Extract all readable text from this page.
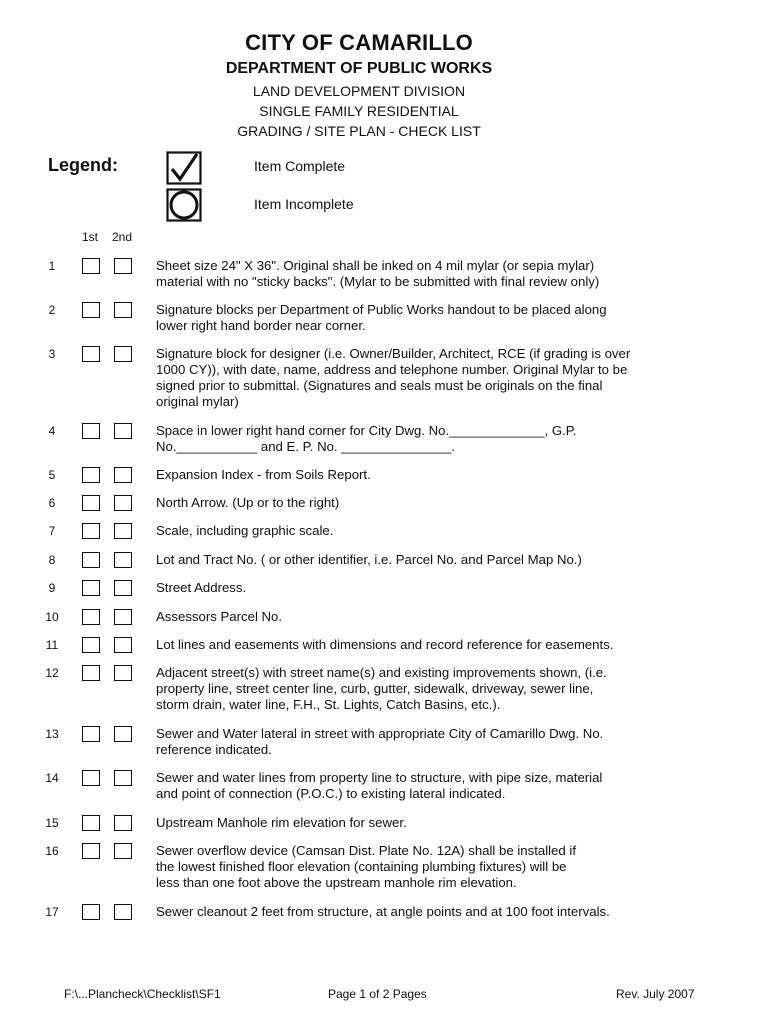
CITY OF CAMARILLO
DEPARTMENT OF PUBLIC WORKS
LAND DEVELOPMENT DIVISION
SINGLE FAMILY RESIDENTIAL
GRADING / SITE PLAN - CHECK LIST
Legend:	Item Complete
Item Incomplete
1st 2nd
1	Sheet size 24" X 36". Original shall be inked on 4 mil mylar (or sepia mylar)
material with no "sticky backs". (Mylar to be submitted with final review only)
2	Signature blocks per Department of Public Works handout to be placed along
lower right hand border near corner.
3	Signature block for designer (i.e. Owner/Builder, Architect, RCE (if grading is over
1000 CY)), with date, name, address and telephone number. Original Mylar to be
signed prior to submittal. (Signatures and seals must be originals on the final
original mylar)
4	Space in lower right hand corner for City Dwg. No._____________, G.P.
No.___________ and E. P. No. _______________.
5	Expansion Index - from Soils Report.
6	North Arrow. (Up or to the right)
7	Scale, including graphic scale.
8	Lot and Tract No. ( or other identifier, i.e. Parcel No. and Parcel Map No.)
9	Street Address.
10	Assessors Parcel No.
11	Lot lines and easements with dimensions and record reference for easements.
12	Adjacent street(s) with street name(s) and existing improvements shown, (i.e.
property line, street center line, curb, gutter, sidewalk, driveway, sewer line,
storm drain, water line, F.H., St. Lights, Catch Basins, etc.).
13	Sewer and Water lateral in street with appropriate City of Camarillo Dwg. No.
reference indicated.
14	Sewer and water lines from property line to structure, with pipe size, material
and point of connection (P.O.C.) to existing lateral indicated.
15	Upstream Manhole rim elevation for sewer.
16	Sewer overflow device (Camsan Dist. Plate No. 12A) shall be installed if
the lowest finished floor elevation (containing plumbing fixtures) will be
less than one foot above the upstream manhole rim elevation.
17	Sewer cleanout 2 feet from structure, at angle points and at 100 foot intervals.
F:\...Plancheck\Checklist\SF1	Page 1 of 2 Pages	Rev. July 2007
